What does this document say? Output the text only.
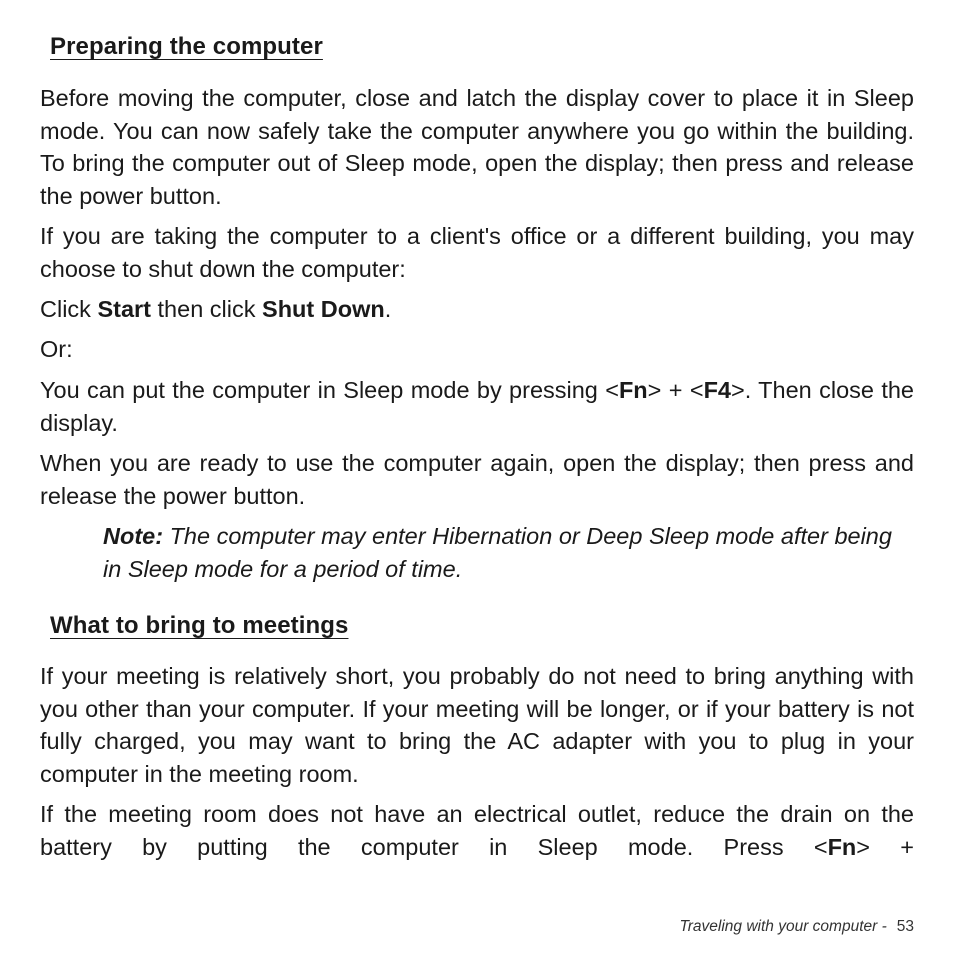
Preparing the computer

Before moving the computer, close and latch the display cover to place it in Sleep mode. You can now safely take the computer anywhere you go within the building. To bring the computer out of Sleep mode, open the display; then press and release the power button.

If you are taking the computer to a client's office or a different building, you may choose to shut down the computer:

Click Start then click Shut Down.

Or:

You can put the computer in Sleep mode by pressing <Fn> + <F4>. Then close the display.

When you are ready to use the computer again, open the display; then press and release the power button.

Note: The computer may enter Hibernation or Deep Sleep mode after being in Sleep mode for a period of time.

What to bring to meetings

If your meeting is relatively short, you probably do not need to bring anything with you other than your computer. If your meeting will be longer, or if your battery is not fully charged, you may want to bring the AC adapter with you to plug in your computer in the meeting room.

If the meeting room does not have an electrical outlet, reduce the drain on the battery by putting the computer in Sleep mode. Press <Fn> +

Traveling with your computer - 53
